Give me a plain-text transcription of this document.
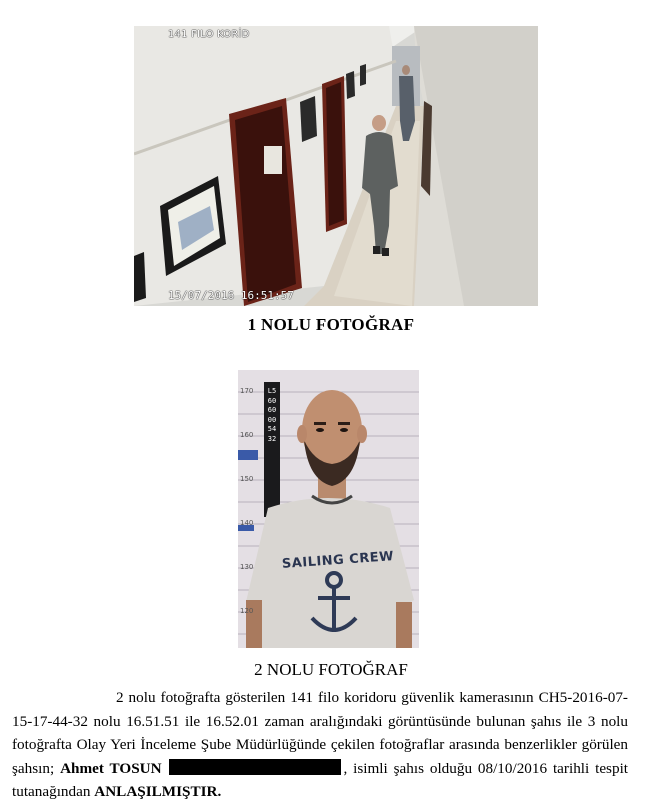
141 FILO KORİD
15/07/2016 16:51:57
1 NOLU FOTOĞRAF
L56060005432
170
160
150
140
130
120
SAILING CREW
2 NOLU FOTOĞRAF
2 nolu fotoğrafta gösterilen 141 filo koridoru güvenlik kamerasının CH5-2016-07-15-17-44-32 nolu 16.51.51 ile 16.52.01 zaman aralığındaki görüntüsünde bulunan şahıs ile 3 nolu fotoğrafta Olay Yeri İnceleme Şube Müdürlüğünde çekilen fotoğraflar arasında benzerlikler görülen şahsın; Ahmet TOSUN	, isimli şahıs olduğu 08/10/2016 tarihli tespit tutanağından ANLAŞILMIŞTIR.
